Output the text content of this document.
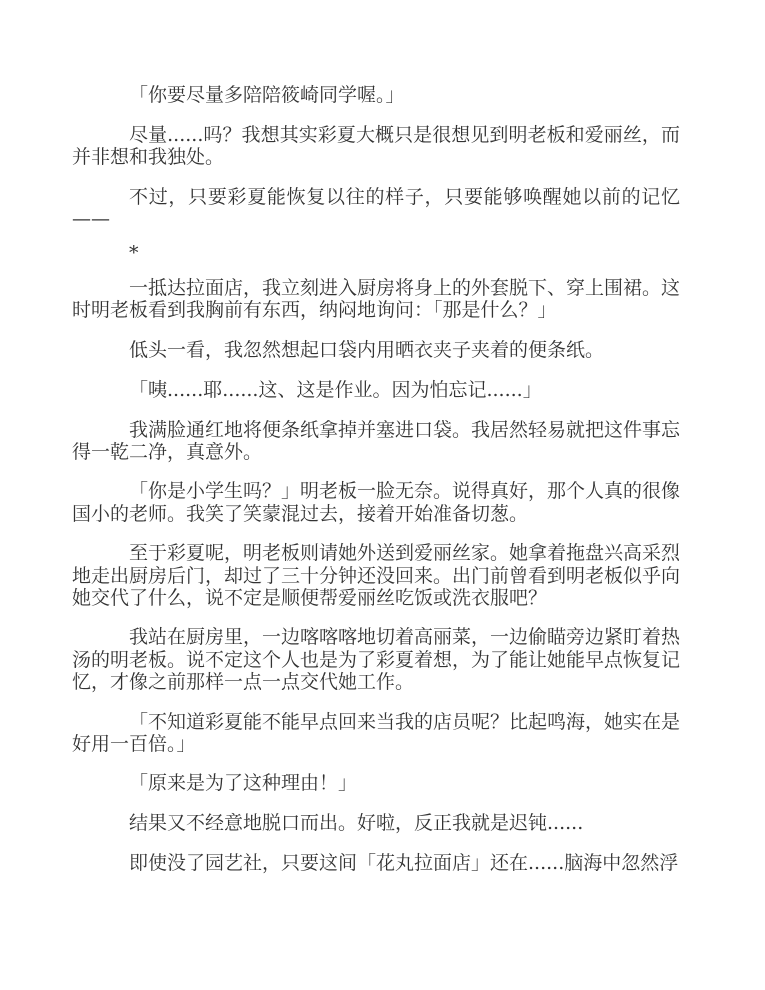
「你要尽量多陪陪筱崎同学喔。」

尽量......吗？我想其实彩夏大概只是很想见到明老板和爱丽丝，而并非想和我独处。

不过，只要彩夏能恢复以往的样子，只要能够唤醒她以前的记忆——

*

一抵达拉面店，我立刻进入厨房将身上的外套脱下、穿上围裙。这时明老板看到我胸前有东西，纳闷地询问：「那是什么？」

低头一看，我忽然想起口袋内用晒衣夹子夹着的便条纸。

「咦......耶......这、这是作业。因为怕忘记......」

我满脸通红地将便条纸拿掉并塞进口袋。我居然轻易就把这件事忘得一乾二净，真意外。

「你是小学生吗？」明老板一脸无奈。说得真好，那个人真的很像国小的老师。我笑了笑蒙混过去，接着开始准备切葱。

至于彩夏呢，明老板则请她外送到爱丽丝家。她拿着拖盘兴高采烈地走出厨房后门，却过了三十分钟还没回来。出门前曾看到明老板似乎向她交代了什么，说不定是顺便帮爱丽丝吃饭或洗衣服吧？

我站在厨房里，一边喀喀喀地切着高丽菜，一边偷瞄旁边紧盯着热汤的明老板。说不定这个人也是为了彩夏着想，为了能让她能早点恢复记忆，才像之前那样一点一点交代她工作。

「不知道彩夏能不能早点回来当我的店员呢？比起鸣海，她实在是好用一百倍。」

「原来是为了这种理由！」

结果又不经意地脱口而出。好啦，反正我就是迟钝......

即使没了园艺社，只要这间「花丸拉面店」还在......脑海中忽然浮
